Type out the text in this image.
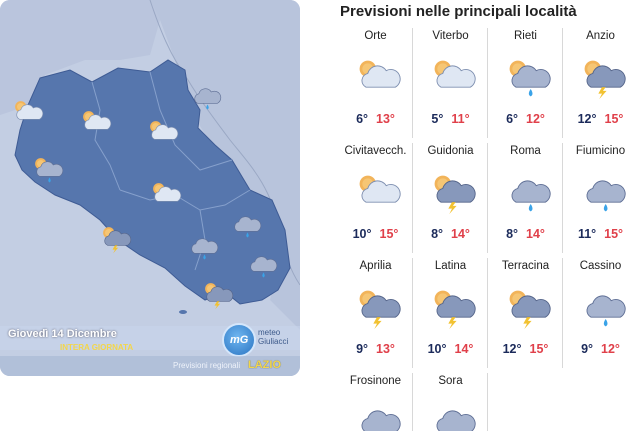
Giovedì 14 Dicembre
INTERA GIORNATA
mG
meteo
Giuliacci
Previsioni regionali LAZIO
Previsioni nelle principali località
Orte
6° 13°
Viterbo
5° 11°
Rieti
6° 12°
Anzio
12° 15°
Civitavecch.
10° 15°
Guidonia
8° 14°
Roma
8° 14°
Fiumicino
11° 15°
Aprilia
9° 13°
Latina
10° 14°
Terracina
12° 15°
Cassino
9° 12°
Frosinone	Sora
